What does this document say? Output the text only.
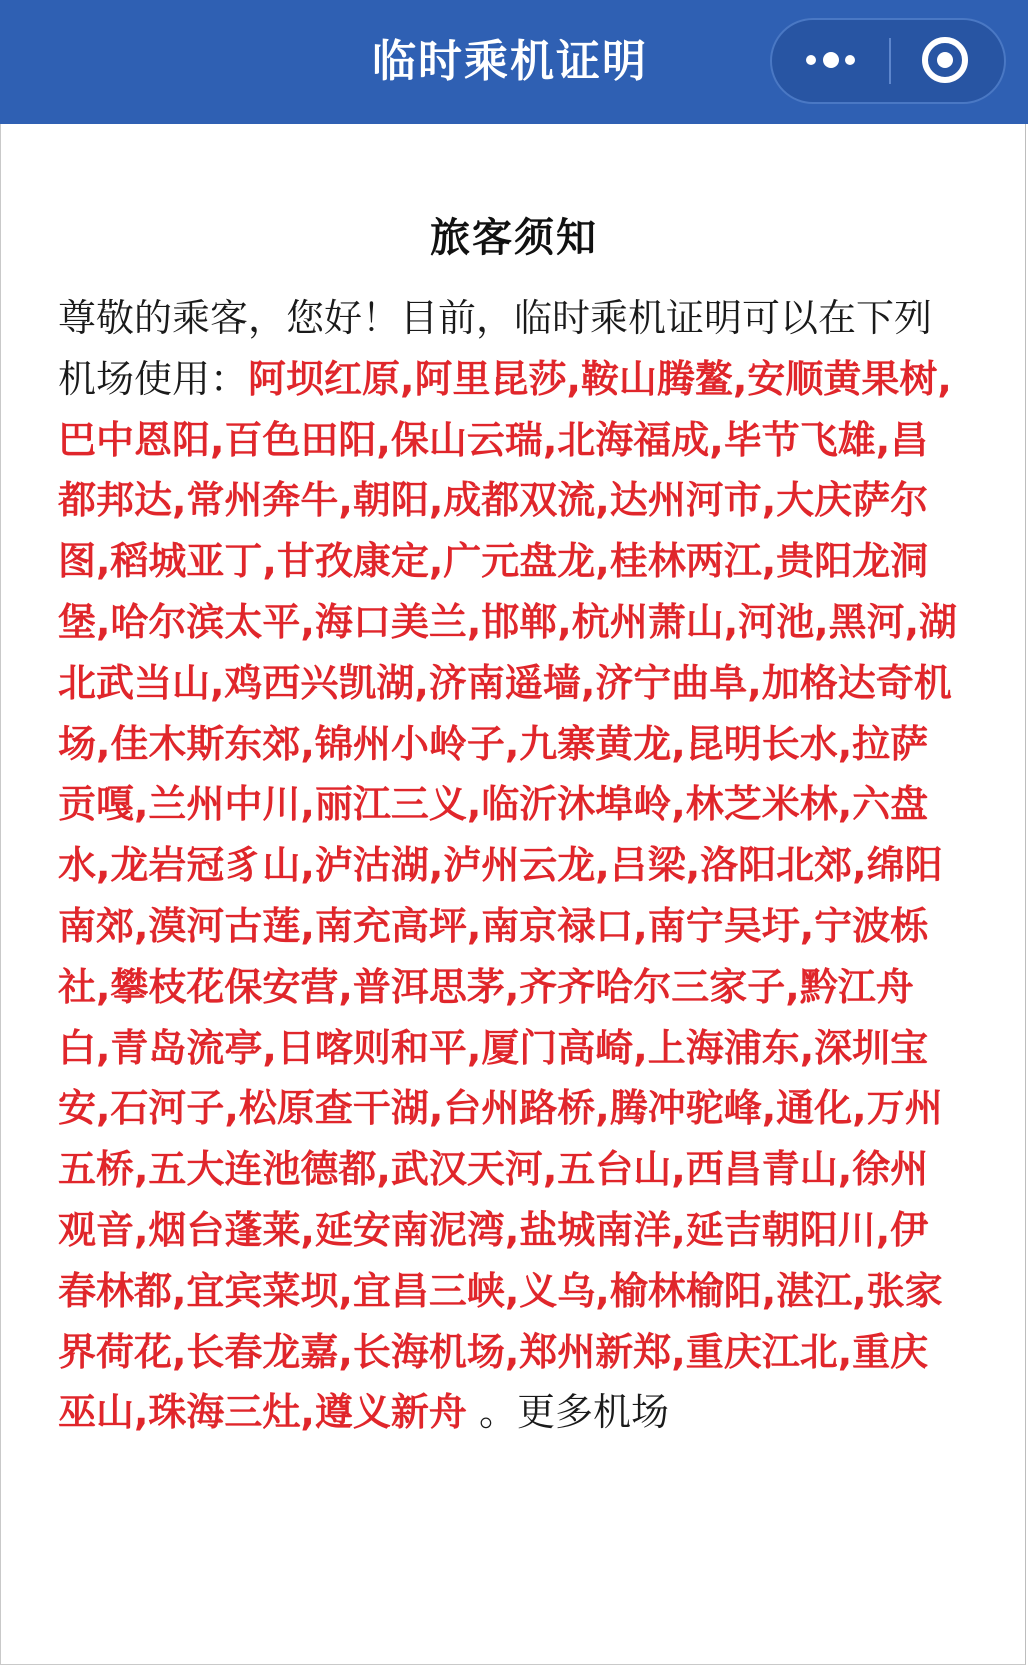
临时乘机证明
旅客须知
尊敬的乘客，您好！目前，临时乘机证明可以在下列机场使用：阿坝红原,阿里昆莎,鞍山腾鳌,安顺黄果树,巴中恩阳,百色田阳,保山云瑞,北海福成,毕节飞雄,昌都邦达,常州奔牛,朝阳,成都双流,达州河市,大庆萨尔图,稻城亚丁,甘孜康定,广元盘龙,桂林两江,贵阳龙洞堡,哈尔滨太平,海口美兰,邯郸,杭州萧山,河池,黑河,湖北武当山,鸡西兴凯湖,济南遥墙,济宁曲阜,加格达奇机场,佳木斯东郊,锦州小岭子,九寨黄龙,昆明长水,拉萨贡嘎,兰州中川,丽江三义,临沂沐埠岭,林芝米林,六盘水,龙岩冠豸山,泸沽湖,泸州云龙,吕梁,洛阳北郊,绵阳南郊,漠河古莲,南充高坪,南京禄口,南宁吴圩,宁波栎社,攀枝花保安营,普洱思茅,齐齐哈尔三家子,黔江舟白,青岛流亭,日喀则和平,厦门高崎,上海浦东,深圳宝安,石河子,松原查干湖,台州路桥,腾冲驼峰,通化,万州五桥,五大连池德都,武汉天河,五台山,西昌青山,徐州观音,烟台蓬莱,延安南泥湾,盐城南洋,延吉朝阳川,伊春林都,宜宾菜坝,宜昌三峡,义乌,榆林榆阳,湛江,张家界荷花,长春龙嘉,长海机场,郑州新郑,重庆江北,重庆巫山,珠海三灶,遵义新舟 。更多机场
